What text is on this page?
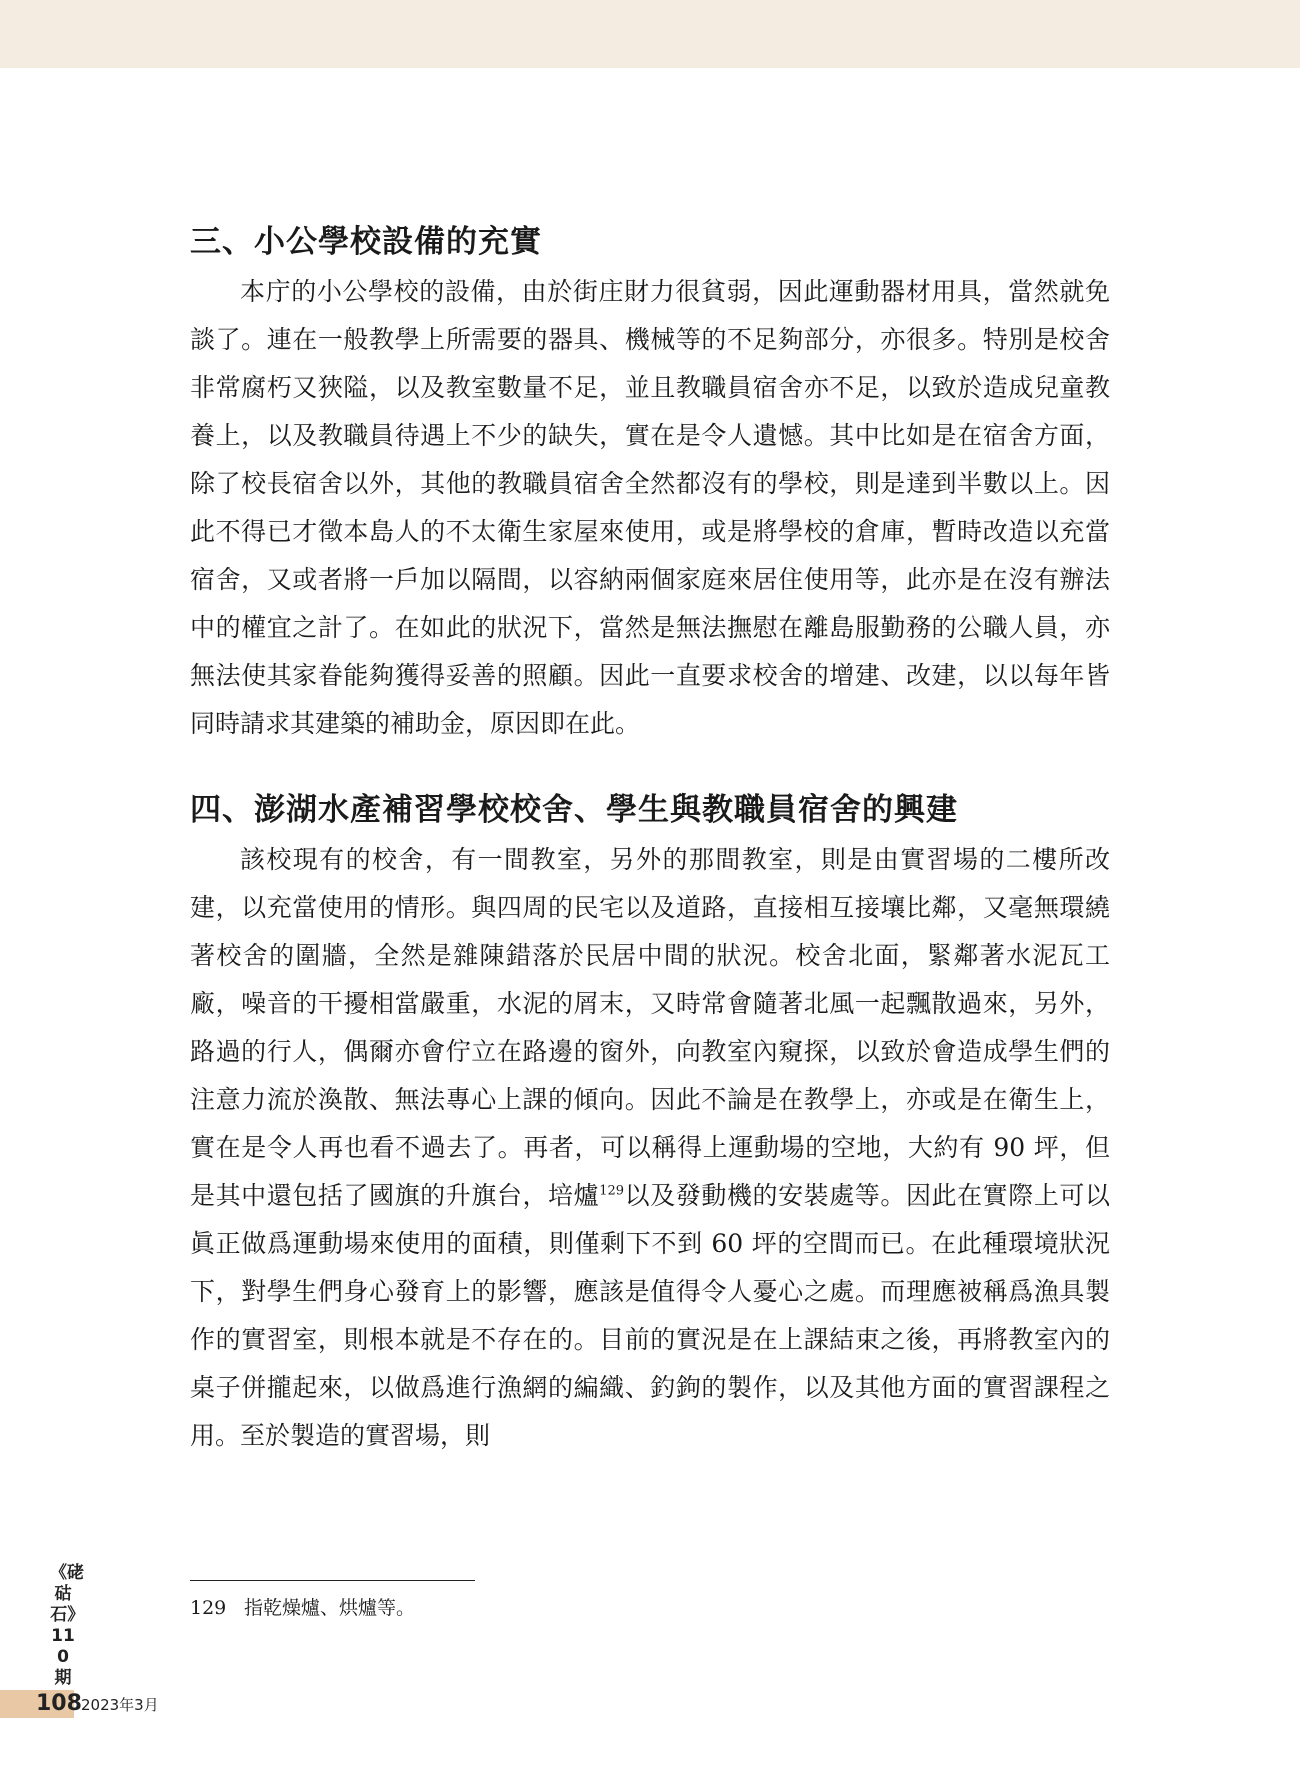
三、小公學校設備的充實

本庁的小公學校的設備，由於街庄財力很貧弱，因此運動器材用具，當然就免談了。連在一般教學上所需要的器具、機械等的不足夠部分，亦很多。特別是校舍非常腐朽又狹隘，以及教室數量不足，並且教職員宿舍亦不足，以致於造成兒童教養上，以及教職員待遇上不少的缺失，實在是令人遺憾。其中比如是在宿舍方面，除了校長宿舍以外，其他的教職員宿舍全然都沒有的學校，則是達到半數以上。因此不得已才徵本島人的不太衛生家屋來使用，或是將學校的倉庫，暫時改造以充當宿舍，又或者將一戶加以隔間，以容納兩個家庭來居住使用等，此亦是在沒有辦法中的權宜之計了。在如此的狀況下，當然是無法撫慰在離島服勤務的公職人員，亦無法使其家眷能夠獲得妥善的照顧。因此一直要求校舍的增建、改建，以以每年皆同時請求其建築的補助金，原因即在此。

四、澎湖水產補習學校校舍、學生與教職員宿舍的興建

該校現有的校舍，有一間教室，另外的那間教室，則是由實習場的二樓所改建，以充當使用的情形。與四周的民宅以及道路，直接相互接壤比鄰，又毫無環繞著校舍的圍牆，全然是雜陳錯落於民居中間的狀況。校舍北面，緊鄰著水泥瓦工廠，噪音的干擾相當嚴重，水泥的屑末，又時常會隨著北風一起飄散過來，另外，路過的行人，偶爾亦會佇立在路邊的窗外，向教室內窺探，以致於會造成學生們的注意力流於渙散、無法專心上課的傾向。因此不論是在教學上，亦或是在衛生上，實在是令人再也看不過去了。再者，可以稱得上運動場的空地，大約有 90 坪，但是其中還包括了國旗的升旗台，培爐$^{129}$以及發動機的安裝處等。因此在實際上可以眞正做爲運動場來使用的面積，則僅剩下不到 60 坪的空間而已。在此種環境狀況下，對學生們身心發育上的影響，應該是值得令人憂心之處。而理應被稱爲漁具製作的實習室，則根本就是不存在的。目前的實況是在上課結束之後，再將教室內的桌子併攏起來，以做爲進行漁網的編織、釣鉤的製作，以及其他方面的實習課程之用。至於製造的實習場，則

129 指乾燥爐、烘爐等。
《硓𥑮石》110期
108 2023年3月
